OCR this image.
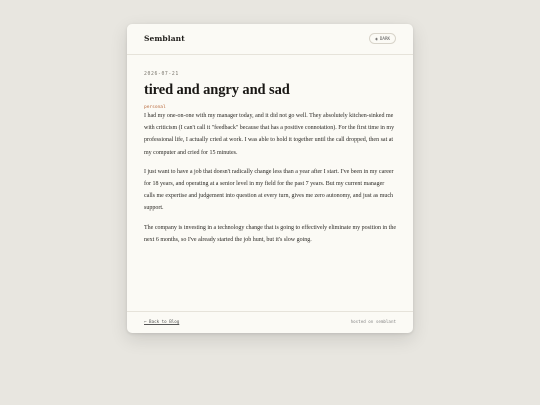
Semblant	◐ DARK
2026-07-21
tired and angry and sad
personal

I had my one-on-one with my manager today, and it did not go well. They absolutely kitchen-sinked me with criticism (I can't call it "feedback" because that has a positive connotation). For the first time in my professional life, I actually cried at work. I was able to hold it together until the call dropped, then sat at my computer and cried for 15 minutes.

I just want to have a job that doesn't radically change less than a year after I start. I've been in my career for 18 years, and operating at a senior level in my field for the past 7 years. But my current manager calls me expertise and judgement into question at every turn, gives me zero autonomy, and just as much support.

The company is investing in a technology change that is going to effectively eliminate my position in the next 6 months, so I've already started the job hunt, but it's slow going.

← Back to Blog	hosted on semblant
